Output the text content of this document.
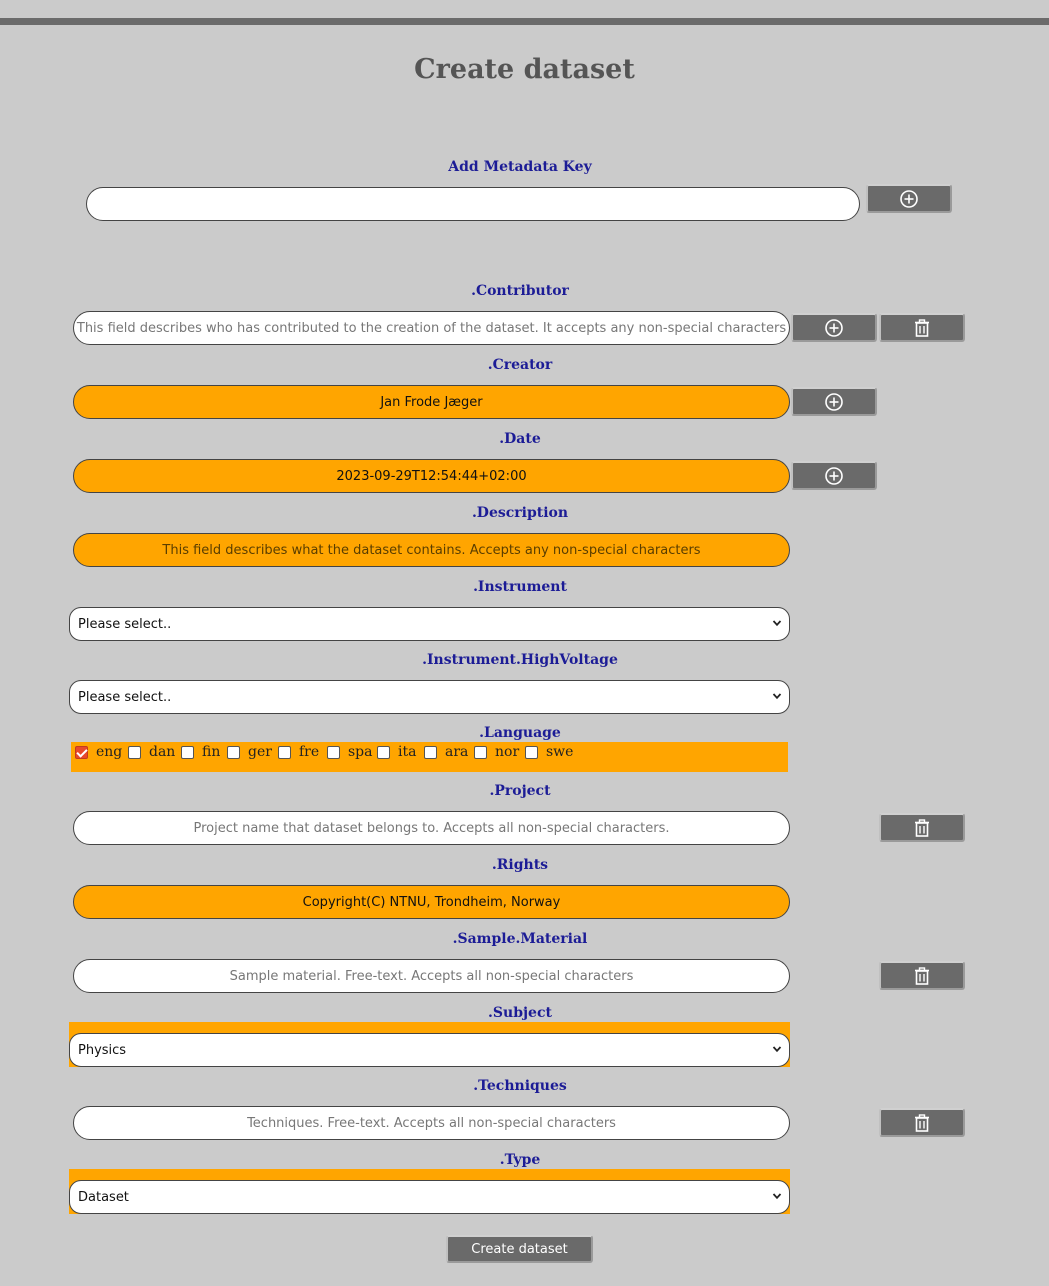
Create dataset
Add Metadata Key
.Contributor
This field describes who has contributed to the creation of the dataset. It accepts any non-special characters
.Creator
Jan Frode Jæger
.Date
2023-09-29T12:54:44+02:00
.Description
This field describes what the dataset contains. Accepts any non-special characters
.Instrument
Please select..
.Instrument.HighVoltage
Please select..
.Language
eng dan fin ger fre spa ita ara nor swe
.Project
Project name that dataset belongs to. Accepts all non-special characters.
.Rights
Copyright(C) NTNU, Trondheim, Norway
.Sample.Material
Sample material. Free-text. Accepts all non-special characters
.Subject
Physics
.Techniques
Techniques. Free-text. Accepts all non-special characters
.Type
Dataset
Create dataset
